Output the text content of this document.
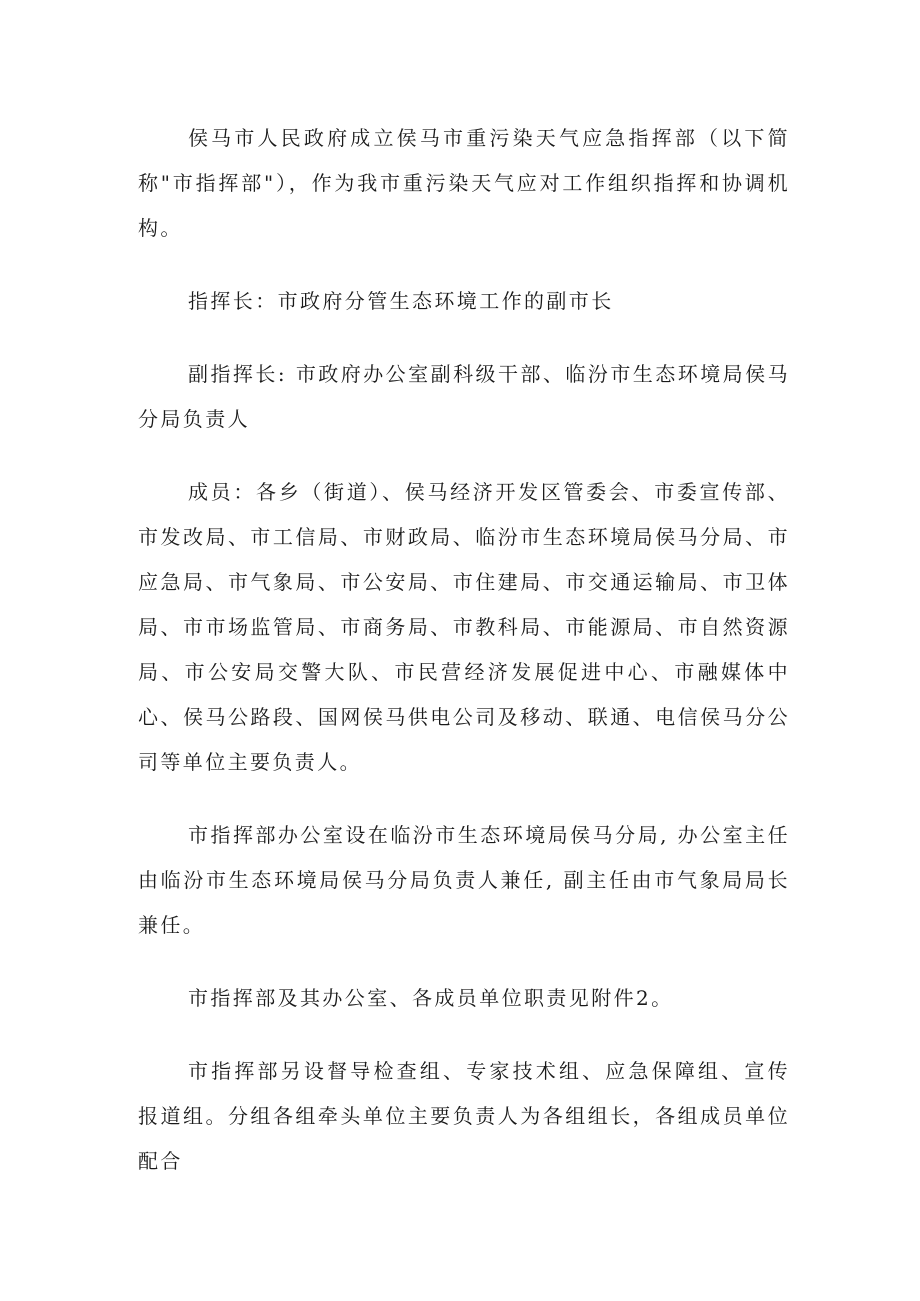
侯马市人民政府成立侯马市重污染天气应急指挥部（以下简称"市指挥部"），作为我市重污染天气应对工作组织指挥和协调机构。

指挥长：市政府分管生态环境工作的副市长

副指挥长: 市政府办公室副科级干部、临汾市生态环境局侯马分局负责人

成员：各乡（街道）、侯马经济开发区管委会、市委宣传部、市发改局、市工信局、市财政局、临汾市生态环境局侯马分局、市应急局、市气象局、市公安局、市住建局、市交通运输局、市卫体局、市市场监管局、市商务局、市教科局、市能源局、市自然资源局、市公安局交警大队、市民营经济发展促进中心、市融媒体中心、侯马公路段、国网侯马供电公司及移动、联通、电信侯马分公司等单位主要负责人。

市指挥部办公室设在临汾市生态环境局侯马分局, 办公室主任由临汾市生态环境局侯马分局负责人兼任, 副主任由市气象局局长兼任。

市指挥部及其办公室、各成员单位职责见附件2。

市指挥部另设督导检查组、专家技术组、应急保障组、宣传报道组。分组各组牵头单位主要负责人为各组组长，各组成员单位配合
